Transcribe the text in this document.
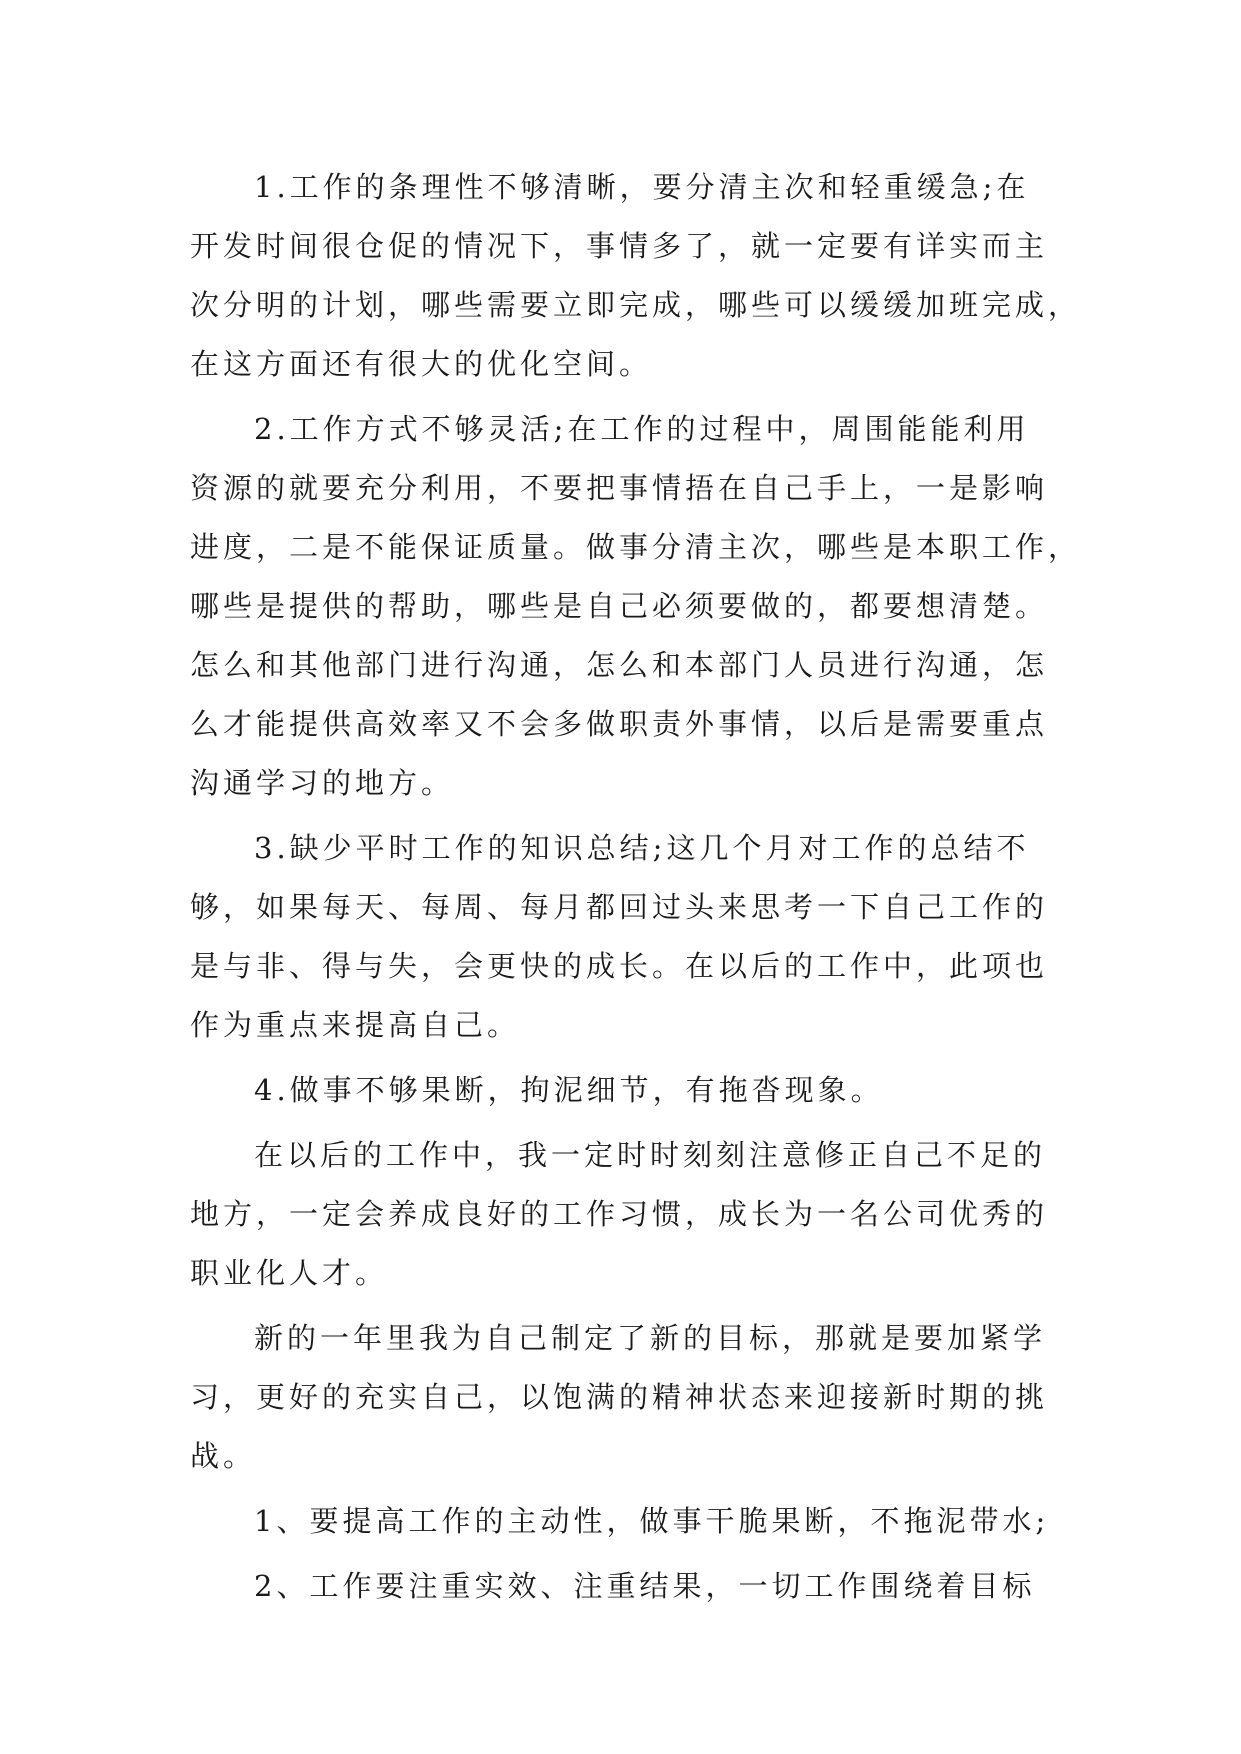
1.工作的条理性不够清晰，要分清主次和轻重缓急;在
开发时间很仓促的情况下，事情多了，就一定要有详实而主
次分明的计划，哪些需要立即完成，哪些可以缓缓加班完成，
在这方面还有很大的优化空间。

2.工作方式不够灵活;在工作的过程中，周围能能利用
资源的就要充分利用，不要把事情捂在自己手上，一是影响
进度，二是不能保证质量。做事分清主次，哪些是本职工作，
哪些是提供的帮助，哪些是自己必须要做的，都要想清楚。
怎么和其他部门进行沟通，怎么和本部门人员进行沟通，怎
么才能提供高效率又不会多做职责外事情，以后是需要重点
沟通学习的地方。

3.缺少平时工作的知识总结;这几个月对工作的总结不
够，如果每天、每周、每月都回过头来思考一下自己工作的
是与非、得与失，会更快的成长。在以后的工作中，此项也
作为重点来提高自己。

4.做事不够果断，拘泥细节，有拖沓现象。

在以后的工作中，我一定时时刻刻注意修正自己不足的
地方，一定会养成良好的工作习惯，成长为一名公司优秀的
职业化人才。

新的一年里我为自己制定了新的目标，那就是要加紧学
习，更好的充实自己，以饱满的精神状态来迎接新时期的挑
战。

1、要提高工作的主动性，做事干脆果断，不拖泥带水;

2、工作要注重实效、注重结果，一切工作围绕着目标
